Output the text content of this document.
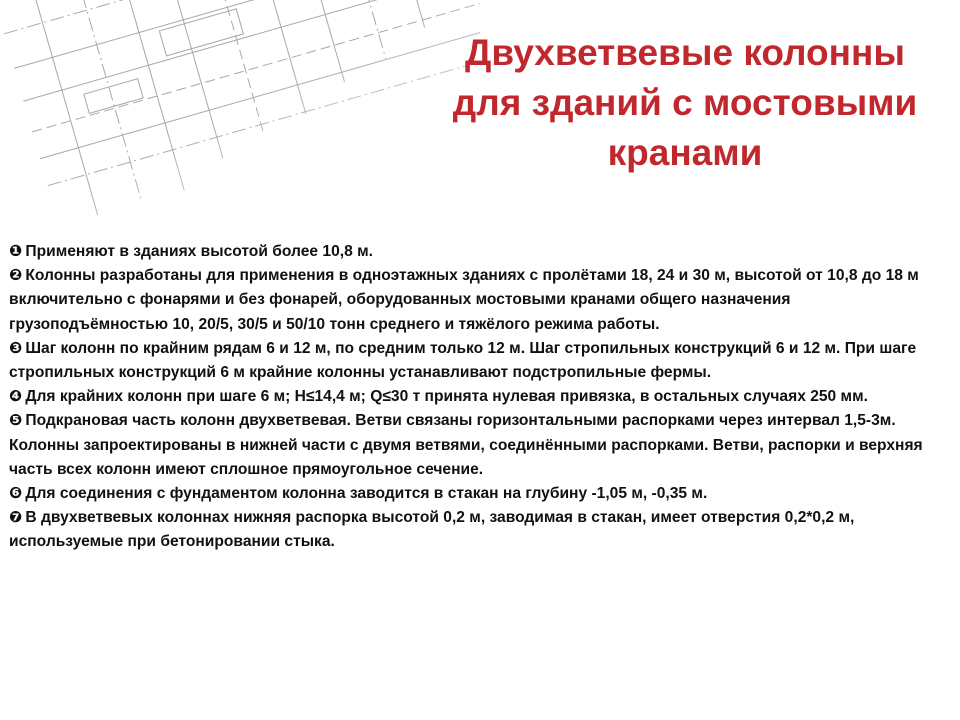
Двухветвевые колонны
для зданий с мостовыми
кранами
❶ Применяют в зданиях высотой более 10,8 м.
❷ Колонны разработаны для применения в одноэтажных зданиях с пролётами 18, 24 и 30 м, высотой от 10,8 до 18 м включительно с фонарями и без фонарей, оборудованных мостовыми кранами общего назначения грузоподъёмностью 10, 20/5, 30/5 и 50/10 тонн среднего и тяжёлого режима работы.
❸ Шаг колонн по крайним рядам 6 и 12 м, по средним только 12 м. Шаг стропильных конструкций 6 и 12 м. При шаге стропильных конструкций 6 м крайние колонны устанавливают подстропильные фермы.
❹ Для крайних колонн при шаге 6 м; H≤14,4 м; Q≤30 т принята нулевая привязка, в остальных случаях 250 мм.
❺ Подкрановая часть колонн двухветвевая. Ветви связаны горизонтальными распорками через интервал 1,5-3м. Колонны запроектированы в нижней части с двумя ветвями, соединёнными распорками. Ветви, распорки и верхняя часть всех колонн имеют сплошное прямоугольное сечение.
❻ Для соединения с фундаментом колонна заводится в стакан на глубину -1,05 м, -0,35 м.
❼ В двухветвевых колоннах нижняя распорка высотой 0,2 м, заводимая в стакан, имеет отверстия 0,2*0,2 м, используемые при бетонировании стыка.
